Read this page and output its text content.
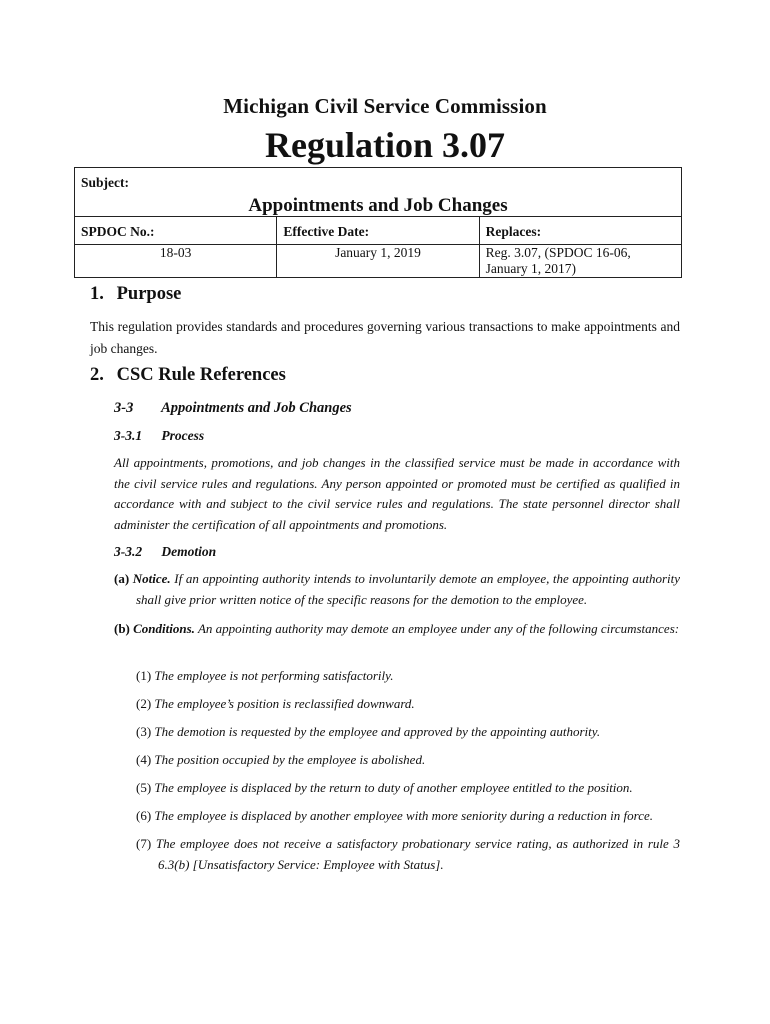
Michigan Civil Service Commission
Regulation 3.07
Subject:
Appointments and Job Changes		

SPDOC No.:	Effective Date:	Replaces:
18-03	January 1, 2019	Reg. 3.07, (SPDOC 16-06, January 1, 2017)
1. Purpose
This regulation provides standards and procedures governing various transactions to make appointments and job changes.
2. CSC Rule References
3-3 Appointments and Job Changes
3-3.1 Process
All appointments, promotions, and job changes in the classified service must be made in accordance with the civil service rules and regulations. Any person appointed or promoted must be certified as qualified in accordance with and subject to the civil service rules and regulations. The state personnel director shall administer the certification of all appointments and promotions.
3-3.2 Demotion
(a) Notice. If an appointing authority intends to involuntarily demote an employee, the appointing authority shall give prior written notice of the specific reasons for the demotion to the employee.
(b) Conditions. An appointing authority may demote an employee under any of the following circumstances:
(1) The employee is not performing satisfactorily.
(2) The employee’s position is reclassified downward.
(3) The demotion is requested by the employee and approved by the appointing authority.
(4) The position occupied by the employee is abolished.
(5) The employee is displaced by the return to duty of another employee entitled to the position.
(6) The employee is displaced by another employee with more seniority during a reduction in force.
(7) The employee does not receive a satisfactory probationary service rating, as authorized in rule 3 6.3(b) [Unsatisfactory Service: Employee with Status].
